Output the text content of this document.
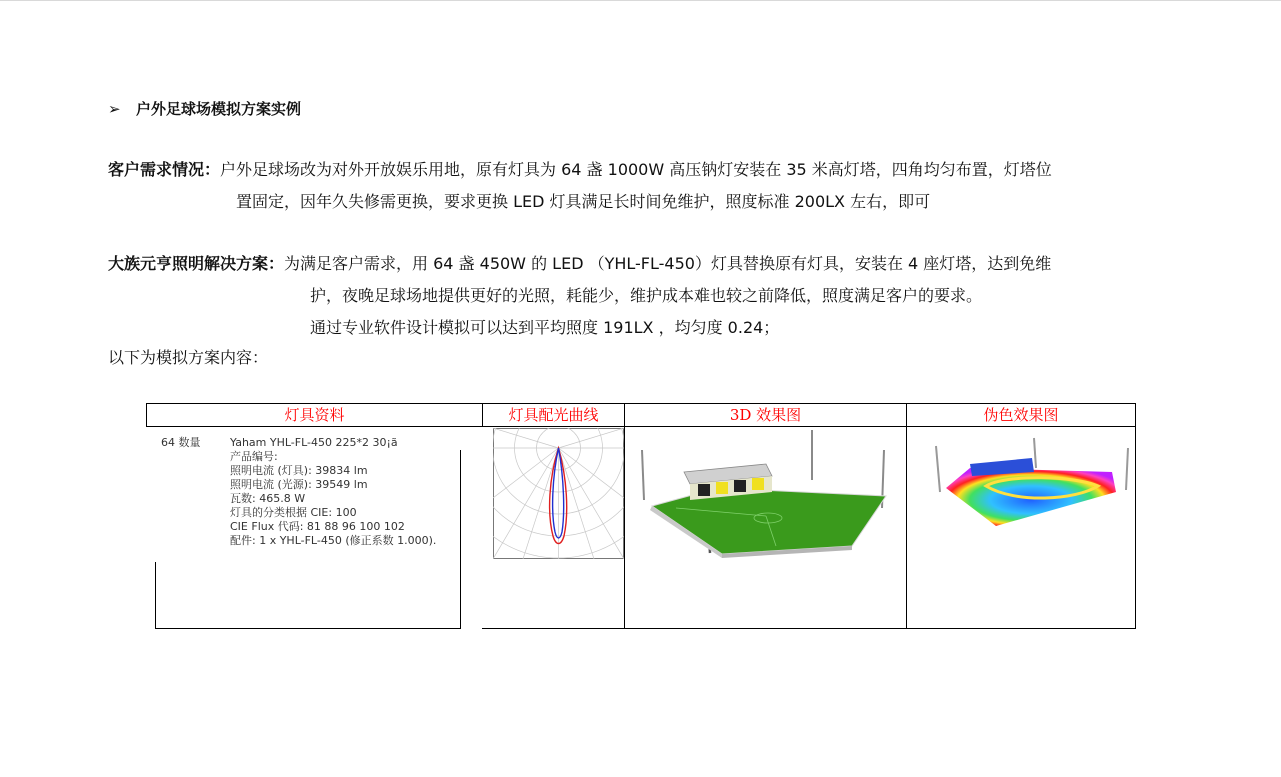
➢ 户外足球场模拟方案实例
客户需求情况：户外足球场改为对外开放娱乐用地，原有灯具为 64 盏 1000W 高压钠灯安装在 35 米高灯塔，四角均匀布置，灯塔位
置固定，因年久失修需更换，要求更换 LED 灯具满足长时间免维护，照度标准 200LX 左右，即可
大族元亨照明解决方案：为满足客户需求，用 64 盏 450W 的 LED （YHL-FL-450）灯具替换原有灯具，安装在 4 座灯塔，达到免维
护，夜晚足球场地提供更好的光照，耗能少，维护成本难也较之前降低，照度满足客户的要求。
通过专业软件设计模拟可以达到平均照度 191LX ，均匀度 0.24；
以下为模拟方案内容：
灯具资料	灯具配光曲线	3D 效果图	伪色效果图
64 数量	Yaham YHL-FL-450 225*2 30¡ã
产品编号:
照明电流 (灯具): 39834 lm
照明电流 (光源): 39549 lm
瓦数: 465.8 W
灯具的分类根据 CIE: 100
CIE Flux 代码: 81 88 96 100 102
配件: 1 x YHL-FL-450 (修正系数 1.000).
